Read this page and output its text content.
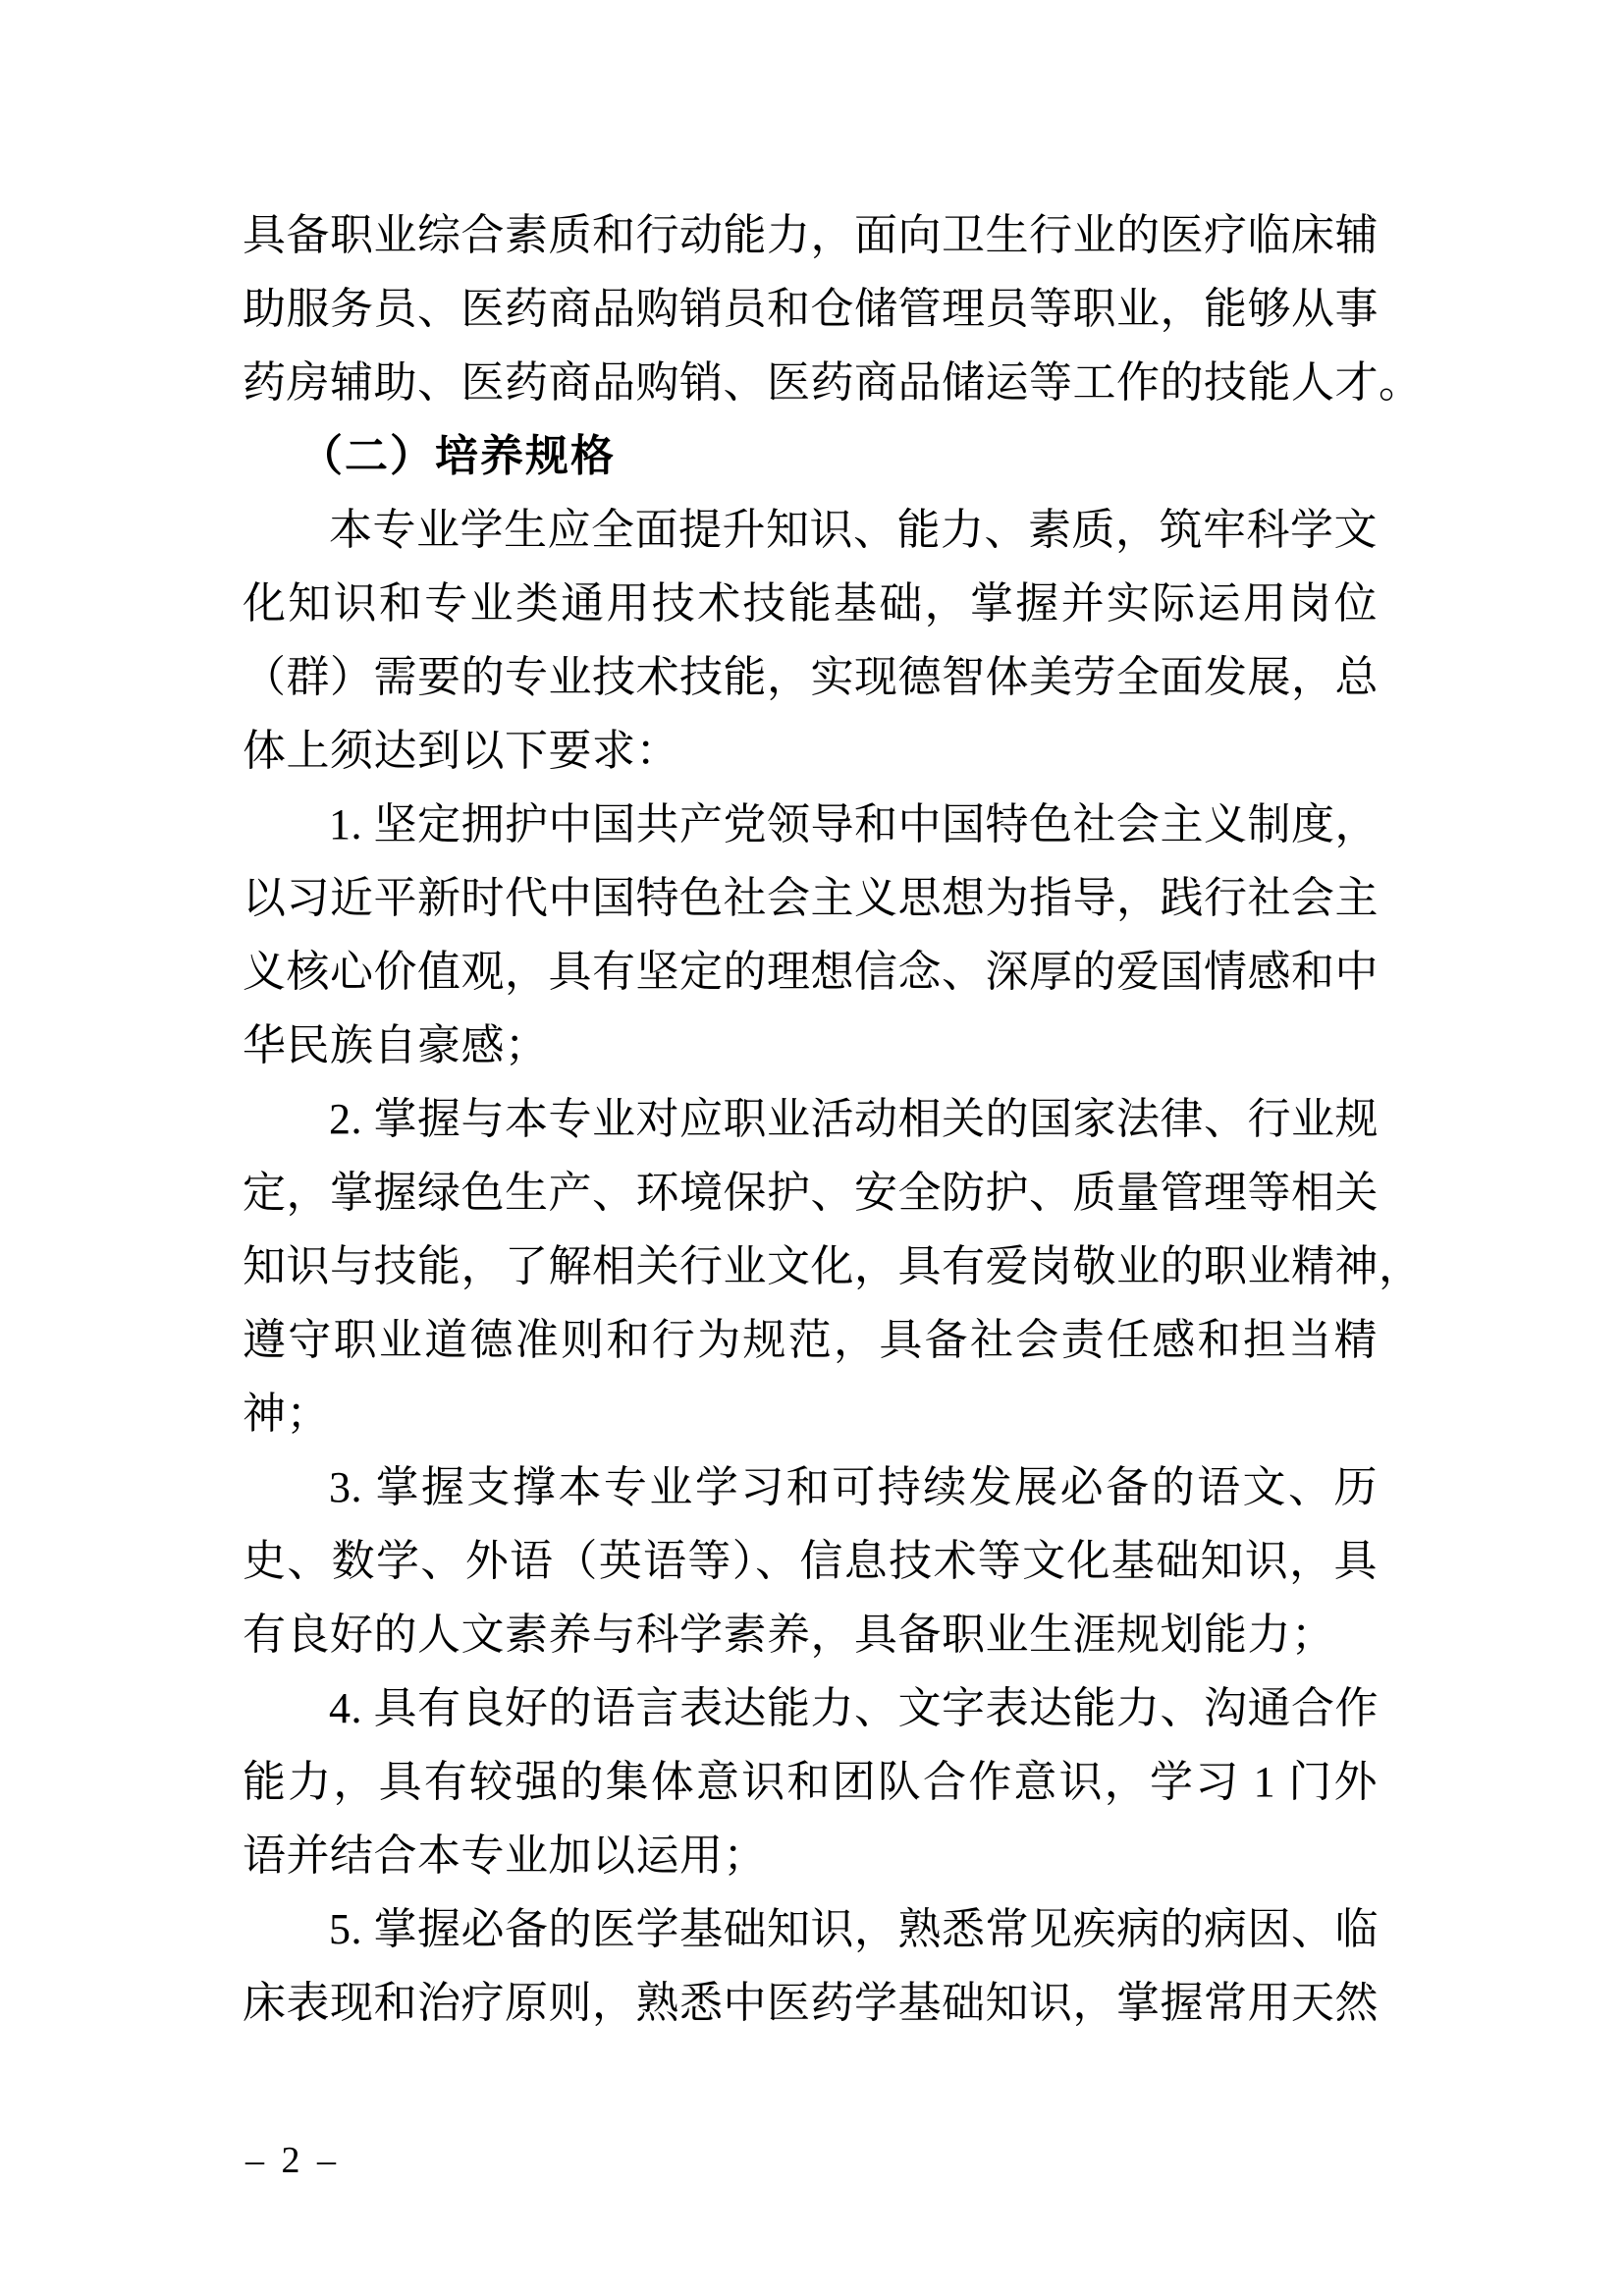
具备职业综合素质和行动能力，面向卫生行业的医疗临床辅
助服务员、医药商品购销员和仓储管理员等职业，能够从事
药房辅助、医药商品购销、医药商品储运等工作的技能人才。
（二）培养规格
本专业学生应全面提升知识、能力、素质，筑牢科学文
化知识和专业类通用技术技能基础，掌握并实际运用岗位
（群）需要的专业技术技能，实现德智体美劳全面发展，总
体上须达到以下要求：
1. 坚定拥护中国共产党领导和中国特色社会主义制度，
以习近平新时代中国特色社会主义思想为指导，践行社会主
义核心价值观，具有坚定的理想信念、深厚的爱国情感和中
华民族自豪感；
2. 掌握与本专业对应职业活动相关的国家法律、行业规
定，掌握绿色生产、环境保护、安全防护、质量管理等相关
知识与技能，了解相关行业文化，具有爱岗敬业的职业精神，
遵守职业道德准则和行为规范，具备社会责任感和担当精
神；
3. 掌握支撑本专业学习和可持续发展必备的语文、历
史、数学、外语（英语等）、信息技术等文化基础知识，具
有良好的人文素养与科学素养，具备职业生涯规划能力；
4. 具有良好的语言表达能力、文字表达能力、沟通合作
能力，具有较强的集体意识和团队合作意识，学习 1 门外
语并结合本专业加以运用；
5. 掌握必备的医学基础知识，熟悉常见疾病的病因、临
床表现和治疗原则，熟悉中医药学基础知识，掌握常用天然
– 2 –
